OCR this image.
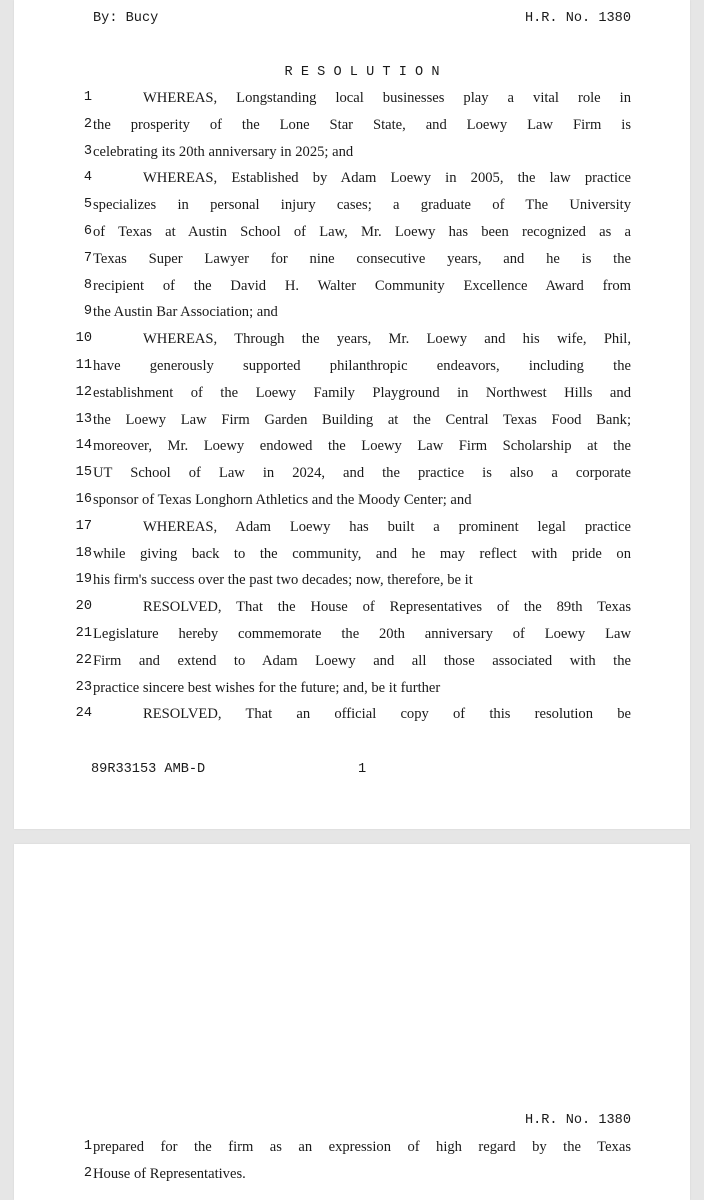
By: Bucy	H.R. No. 1380
R E S O L U T I O N
1	WHEREAS, Longstanding local businesses play a vital role in
2 the prosperity of the Lone Star State, and Loewy Law Firm is
3 celebrating its 20th anniversary in 2025; and
4	WHEREAS, Established by Adam Loewy in 2005, the law practice
5 specializes in personal injury cases; a graduate of The University
6 of Texas at Austin School of Law, Mr. Loewy has been recognized as a
7 Texas Super Lawyer for nine consecutive years, and he is the
8 recipient of the David H. Walter Community Excellence Award from
9 the Austin Bar Association; and
10	WHEREAS, Through the years, Mr. Loewy and his wife, Phil,
11 have generously supported philanthropic endeavors, including the
12 establishment of the Loewy Family Playground in Northwest Hills and
13 the Loewy Law Firm Garden Building at the Central Texas Food Bank;
14 moreover, Mr. Loewy endowed the Loewy Law Firm Scholarship at the
15 UT School of Law in 2024, and the practice is also a corporate
16 sponsor of Texas Longhorn Athletics and the Moody Center; and
17	WHEREAS, Adam Loewy has built a prominent legal practice
18 while giving back to the community, and he may reflect with pride on
19 his firm's success over the past two decades; now, therefore, be it
20	RESOLVED, That the House of Representatives of the 89th Texas
21 Legislature hereby commemorate the 20th anniversary of Loewy Law
22 Firm and extend to Adam Loewy and all those associated with the
23 practice sincere best wishes for the future; and, be it further
24	RESOLVED, That an official copy of this resolution be
89R33153 AMB-D	1
H.R. No. 1380
1 prepared for the firm as an expression of high regard by the Texas
2 House of Representatives.
